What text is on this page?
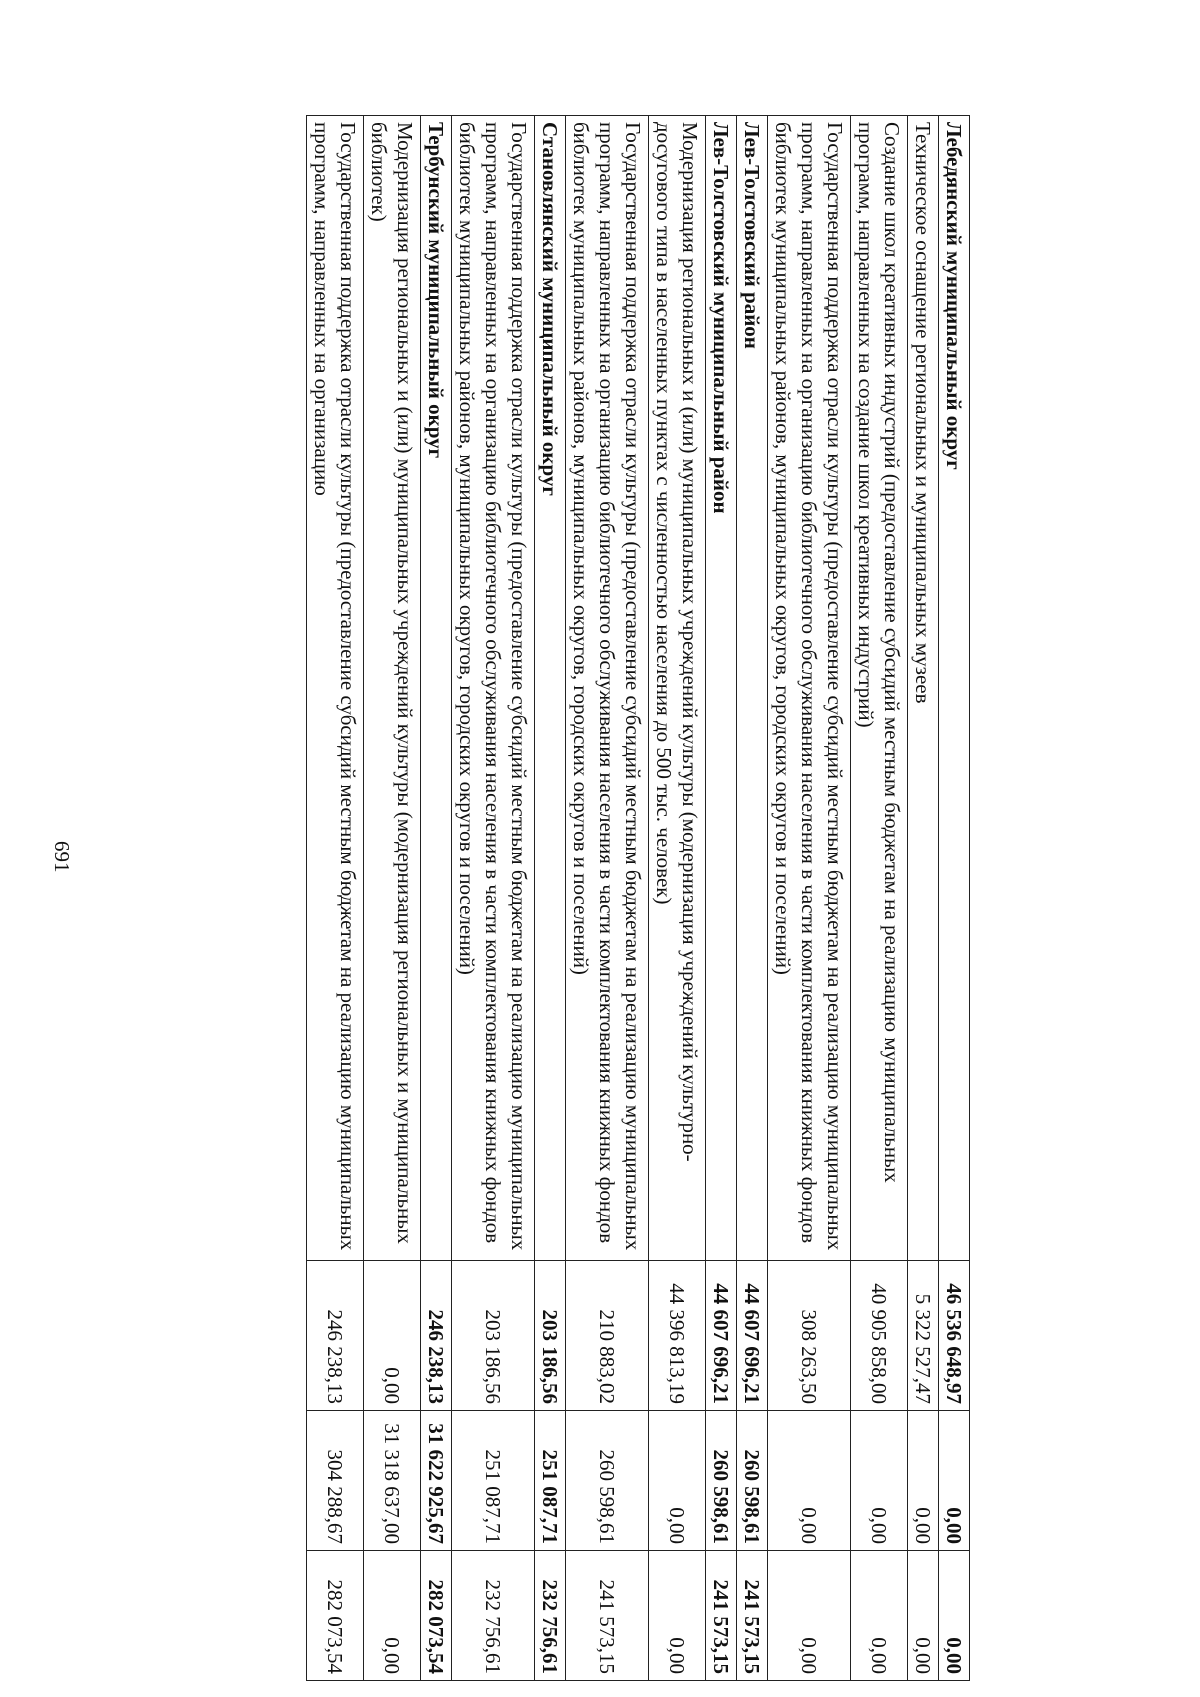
691
Лебедянский муниципальный округ	46 536 648,97	0,00	0,00
Техническое оснащение региональных и муниципальных музеев	5 322 527,47	0,00	0,00
Создание школ креативных индустрий (предоставление субсидий местным бюджетам на реализацию муниципальных программ, направленных на создание школ креативных индустрий)	40 905 858,00	0,00	0,00
Государственная поддержка отрасли культуры (предоставление субсидий местным бюджетам на реализацию муниципальных программ, направленных на организацию библиотечного обслуживания населения в части комплектования книжных фондов библиотек муниципальных районов, муниципальных округов, городских округов и поселений)	308 263,50	0,00	0,00
Лев-Толстовский район	44 607 696,21	260 598,61	241 573,15
Лев-Толстовский муниципальный район	44 607 696,21	260 598,61	241 573,15
Модернизация региональных и (или) муниципальных учреждений культуры (модернизация учреждений культурно-досугового типа в населенных пунктах с численностью населения до 500 тыс. человек)	44 396 813,19	0,00	0,00
Государственная поддержка отрасли культуры (предоставление субсидий местным бюджетам на реализацию муниципальных программ, направленных на организацию библиотечного обслуживания населения в части комплектования книжных фондов библиотек муниципальных районов, муниципальных округов, городских округов и поселений)	210 883,02	260 598,61	241 573,15
Становлянский муниципальный округ	203 186,56	251 087,71	232 756,61
Государственная поддержка отрасли культуры (предоставление субсидий местным бюджетам на реализацию муниципальных программ, направленных на организацию библиотечного обслуживания населения в части комплектования книжных фондов библиотек муниципальных районов, муниципальных округов, городских округов и поселений)	203 186,56	251 087,71	232 756,61
Тербунский муниципальный округ	246 238,13	31 622 925,67	282 073,54
Модернизация региональных и (или) муниципальных учреждений культуры (модернизация региональных и муниципальных библиотек)	0,00	31 318 637,00	0,00
Государственная поддержка отрасли культуры (предоставление субсидий местным бюджетам на реализацию муниципальных программ, направленных на организацию	246 238,13	304 288,67	282 073,54
